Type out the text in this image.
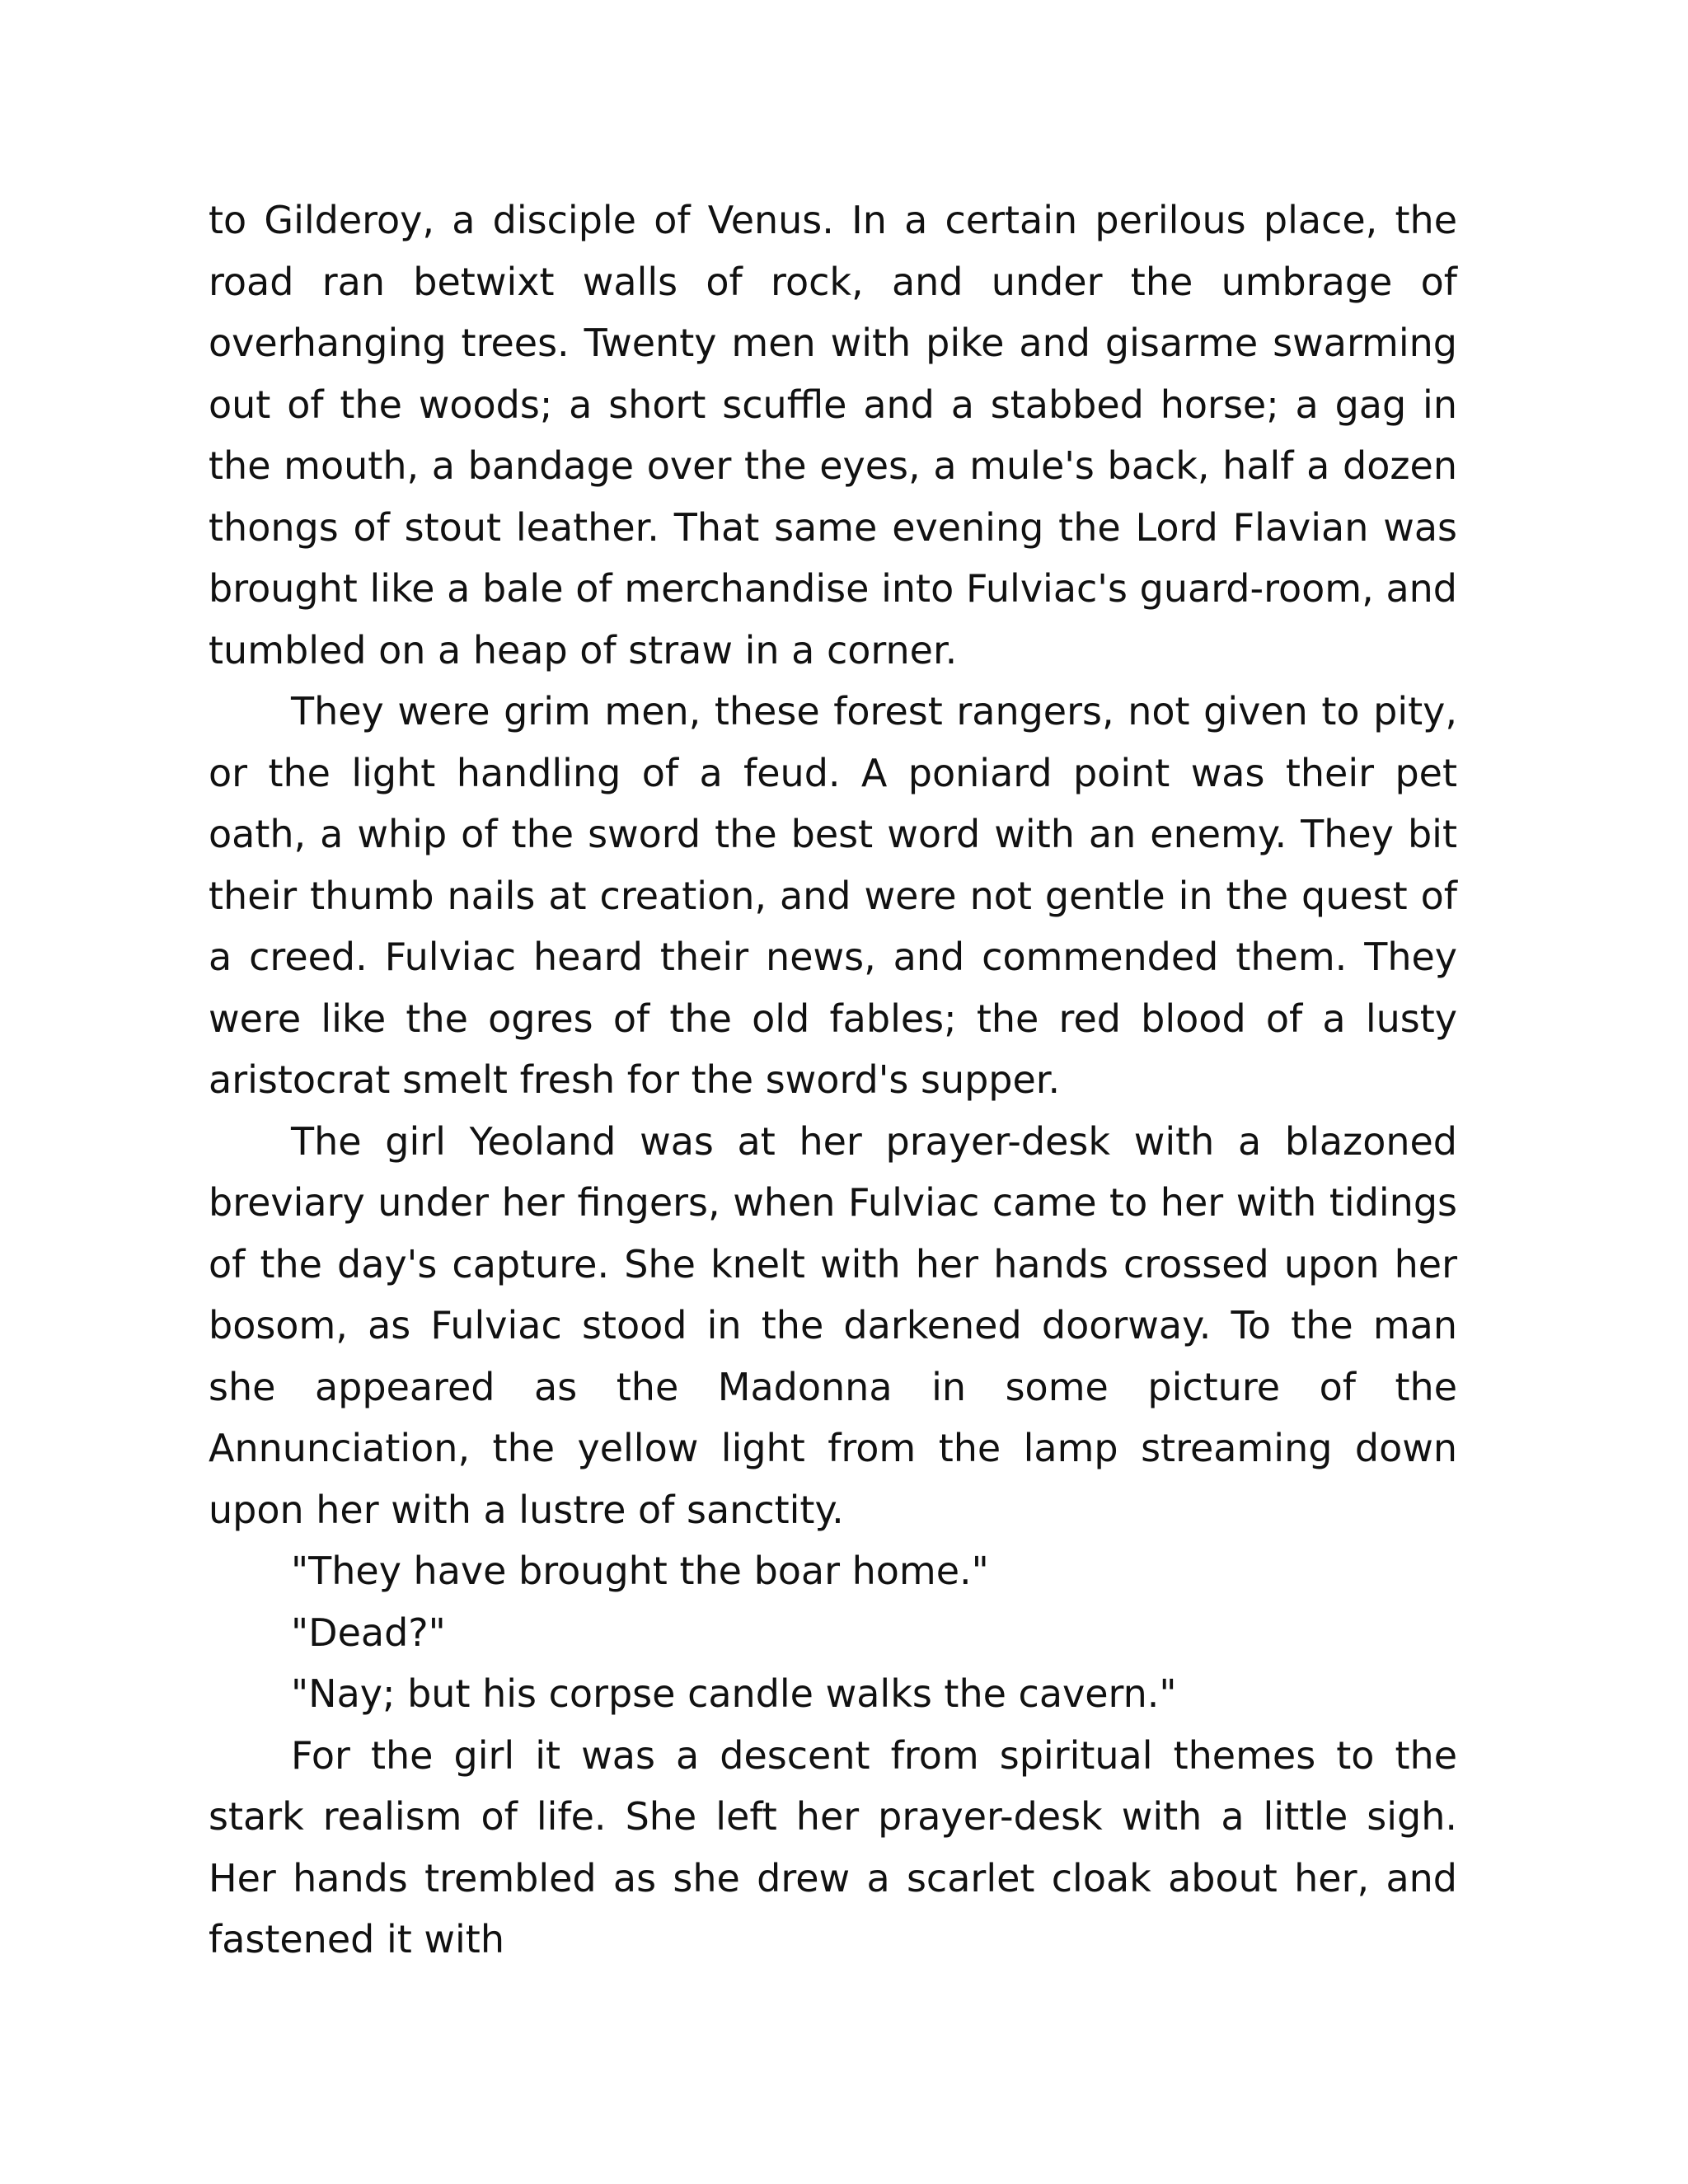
to Gilderoy, a disciple of Venus. In a certain perilous place, the road ran betwixt walls of rock, and under the umbrage of overhanging trees. Twenty men with pike and gisarme swarming out of the woods; a short scuffle and a stabbed horse; a gag in the mouth, a bandage over the eyes, a mule's back, half a dozen thongs of stout leather. That same evening the Lord Flavian was brought like a bale of merchandise into Fulviac's guard-room, and tumbled on a heap of straw in a corner.

They were grim men, these forest rangers, not given to pity, or the light handling of a feud. A poniard point was their pet oath, a whip of the sword the best word with an enemy. They bit their thumb nails at creation, and were not gentle in the quest of a creed. Fulviac heard their news, and commended them. They were like the ogres of the old fables; the red blood of a lusty aristocrat smelt fresh for the sword's supper.

The girl Yeoland was at her prayer-desk with a blazoned breviary under her fingers, when Fulviac came to her with tidings of the day's capture. She knelt with her hands crossed upon her bosom, as Fulviac stood in the darkened doorway. To the man she appeared as the Madonna in some picture of the Annunciation, the yellow light from the lamp streaming down upon her with a lustre of sanctity.

"They have brought the boar home."

"Dead?"

"Nay; but his corpse candle walks the cavern."

For the girl it was a descent from spiritual themes to the stark realism of life. She left her prayer-desk with a little sigh. Her hands trembled as she drew a scarlet cloak about her, and fastened it with
